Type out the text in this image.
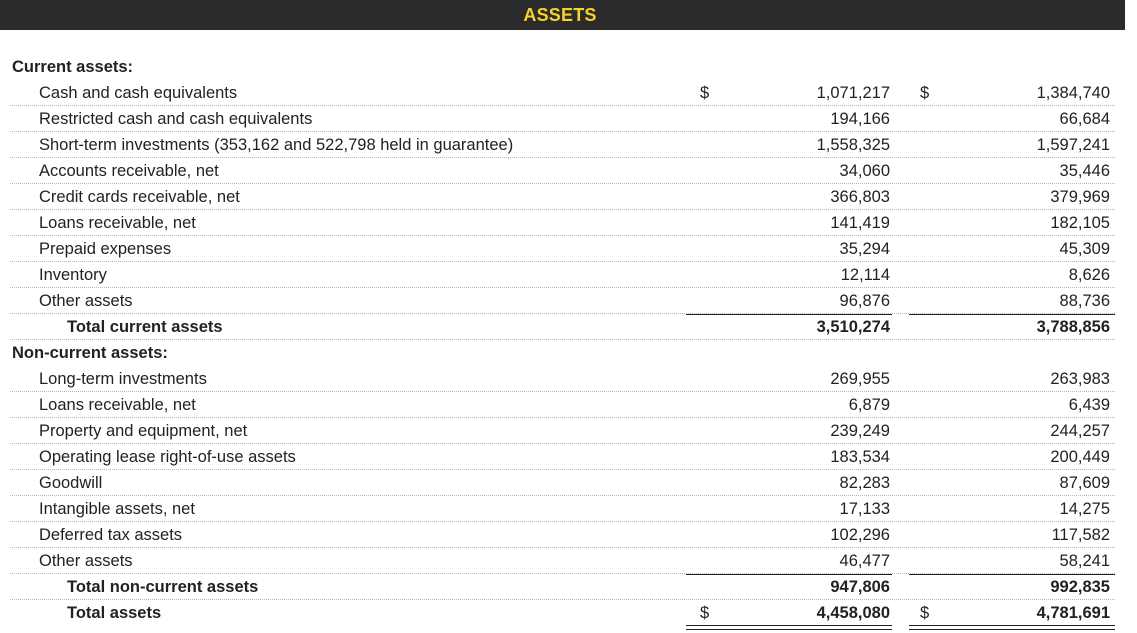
ASSETS
Current assets:
Cash and cash equivalents	$	1,071,217 $	1,384,740
Restricted cash and cash equivalents	194,166	66,684
Short-term investments (353,162 and 522,798 held in guarantee)	1,558,325	1,597,241
Accounts receivable, net	34,060	35,446
Credit cards receivable, net	366,803	379,969
Loans receivable, net	141,419	182,105
Prepaid expenses	35,294	45,309
Inventory	12,114	8,626
Other assets	96,876	88,736
Total current assets	3,510,274	3,788,856
Non-current assets:
Long-term investments	269,955	263,983
Loans receivable, net	6,879	6,439
Property and equipment, net	239,249	244,257
Operating lease right-of-use assets	183,534	200,449
Goodwill	82,283	87,609
Intangible assets, net	17,133	14,275
Deferred tax assets	102,296	117,582
Other assets	46,477	58,241
Total non-current assets	947,806	992,835
Total assets	$	4,458,080 $	4,781,691
